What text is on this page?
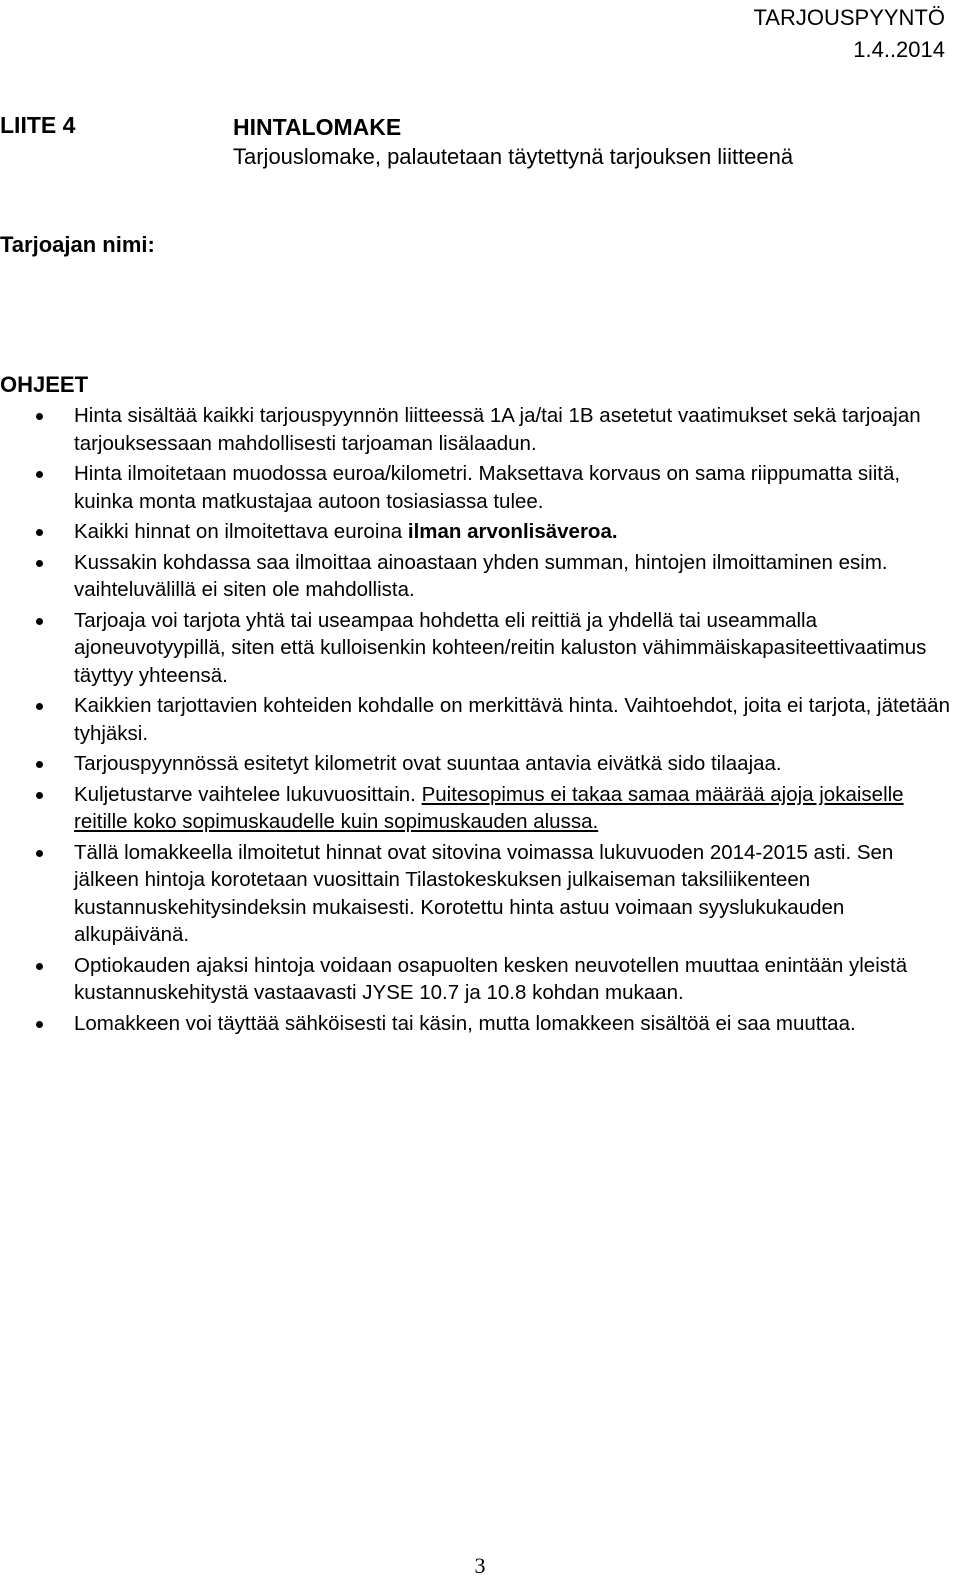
TARJOUSPYYNTÖ
1.4..2014
LIITE 4	HINTALOMAKE
Tarjouslomake, palautetaan täytettynä tarjouksen liitteenä
Tarjoajan nimi:
OHJEET
Hinta sisältää kaikki tarjouspyynnön liitteessä 1A ja/tai 1B asetetut vaatimukset sekä tarjoajan tarjouksessaan mahdollisesti tarjoaman lisälaadun.
Hinta ilmoitetaan muodossa euroa/kilometri. Maksettava korvaus on sama riippumatta siitä, kuinka monta matkustajaa autoon tosiasiassa tulee.
Kaikki hinnat on ilmoitettava euroina ilman arvonlisäveroa.
Kussakin kohdassa saa ilmoittaa ainoastaan yhden summan, hintojen ilmoittaminen esim. vaihteluvälillä ei siten ole mahdollista.
Tarjoaja voi tarjota yhtä tai useampaa hohdetta eli reittiä ja yhdellä tai useammalla ajoneuvotyypillä, siten että kulloisenkin kohteen/reitin kaluston vähimmäiskapasiteettivaatimus täyttyy yhteensä.
Kaikkien tarjottavien kohteiden kohdalle on merkittävä hinta. Vaihtoehdot, joita ei tarjota, jätetään tyhjäksi.
Tarjouspyynnössä esitetyt kilometrit ovat suuntaa antavia eivätkä sido tilaajaa.
Kuljetustarve vaihtelee lukuvuosittain. Puitesopimus ei takaa samaa määrää ajoja jokaiselle reitille koko sopimuskaudelle kuin sopimuskauden alussa.
Tällä lomakkeella ilmoitetut hinnat ovat sitovina voimassa lukuvuoden 2014-2015 asti. Sen jälkeen hintoja korotetaan vuosittain Tilastokeskuksen julkaiseman taksiliikenteen kustannuskehitysindeksin mukaisesti. Korotettu hinta astuu voimaan syyslukukauden alkupäivänä.
Optiokauden ajaksi hintoja voidaan osapuolten kesken neuvotellen muuttaa enintään yleistä kustannuskehitystä vastaavasti JYSE 10.7 ja 10.8 kohdan mukaan.
Lomakkeen voi täyttää sähköisesti tai käsin, mutta lomakkeen sisältöä ei saa muuttaa.
3
